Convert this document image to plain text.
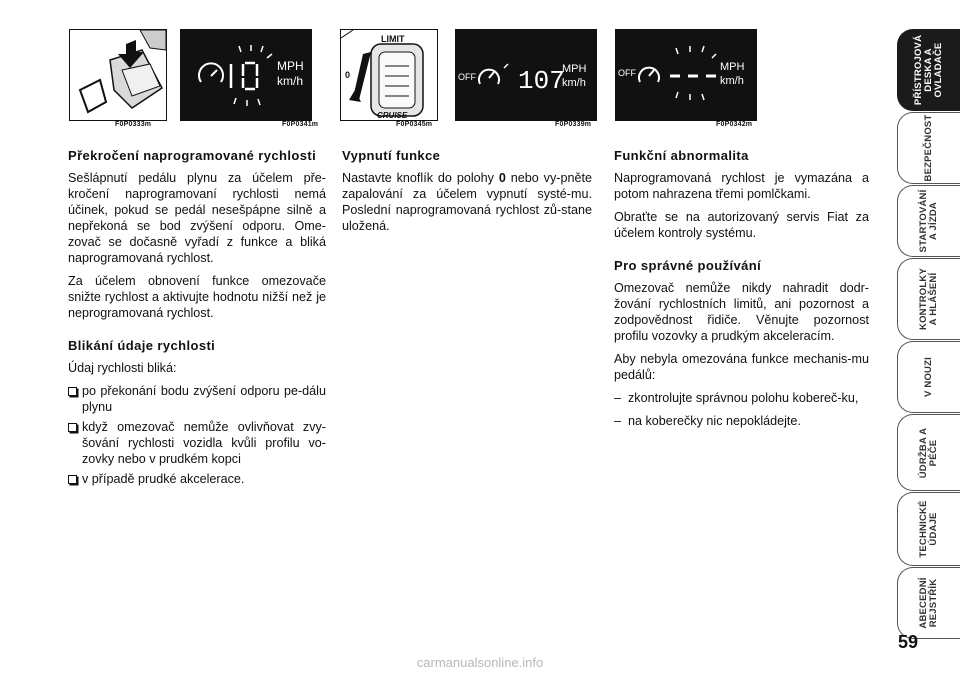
F0P0333m
MPH
km/h
F0P0341m
LIMIT
0
CRUISE
F0P0345m
OFF 107
MPH
km/h
F0P0339m
OFF	MPH
km/h
F0P0342m
Překročení naprogramované rychlosti

Sešlápnutí pedálu plynu za účelem pře-kročení naprogramovaní rychlosti nemá účinek, pokud se pedál nesešpápne silně a nepřekoná se bod zvýšení odporu. Ome-zovač se dočasně vyřadí z funkce a bliká naprogramovaná rychlost.

Za účelem obnovení funkce omezovače snižte rychlost a aktivujte hodnotu nižší než je neprogramovaná rychlost.

Blikání údaje rychlosti

Údaj rychlosti bliká:

po překonání bodu zvýšení odporu pe-dálu plynu
když omezovač nemůže ovlivňovat zvy-šování rychlosti vozidla kvůli profilu vo-zovky nebo v prudkém kopci
v případě prudké akcelerace.
Vypnutí funkce

Nastavte knoflík do polohy 0 nebo vy-pněte zapalování za účelem vypnutí systé-mu. Poslední naprogramovaná rychlost zů-stane uložená.

Funkční abnormalita

Naprogramovaná rychlost je vymazána a potom nahrazena třemi pomlčkami.

Obraťte se na autorizovaný servis Fiat za účelem kontroly systému.

Pro správné používání

Omezovač nemůže nikdy nahradit dodr-žování rychlostních limitů, ani pozornost a zodpovědnost řidiče. Věnujte pozornost profilu vozovky a prudkým akceleracím.

Aby nebyla omezována funkce mechanis-mu pedálů:

– zkontrolujte správnou polohu kobereč-ku,
– na koberečky nic nepokládejte.
PŘÍSTROJOVÁ
DESKA A
OVLADAČE
BEZPEČNOST
STARTOVÁNÍ
A JÍZDA
KONTROLKY
A HLÁŠENÍ
V NOUZI
ÚDRŽBA A
PÉČE
TECHNICKÉ
ÚDAJE
ABECEDNÍ
REJSTŘÍK
59
carmanualsonline.info
